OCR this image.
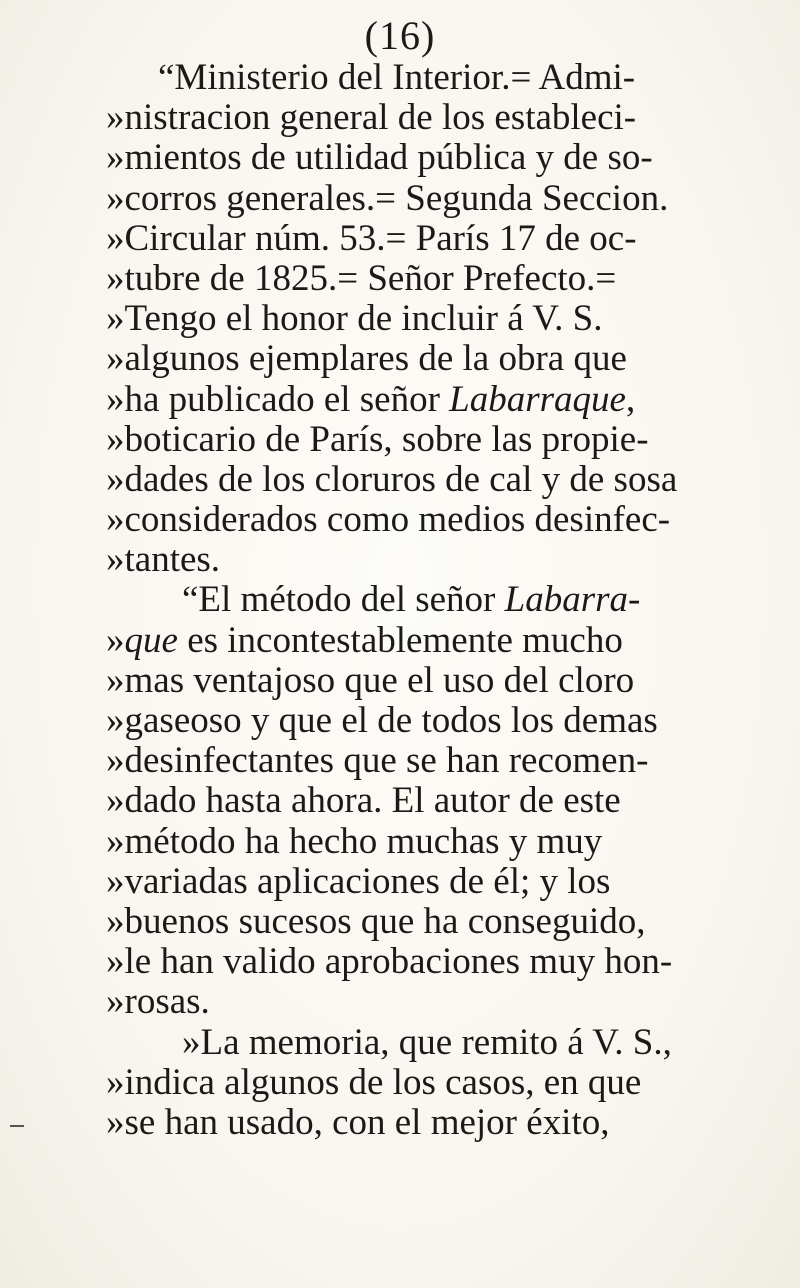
(16)
“Ministerio del Interior.= Admi-
»nistracion general de los estableci-
»mientos de utilidad pública y de so-
»corros generales.= Segunda Seccion.
»Circular núm. 53.= París 17 de oc-
»tubre de 1825.= Señor Prefecto.=
»Tengo el honor de incluir á V. S.
»algunos ejemplares de la obra que
»ha publicado el señor Labarraque,
»boticario de París, sobre las propie-
»dades de los cloruros de cal y de sosa
»considerados como medios desinfec-
»tantes.
“El método del señor Labarra-
»que es incontestablemente mucho
»mas ventajoso que el uso del cloro
»gaseoso y que el de todos los demas
»desinfectantes que se han recomen-
»dado hasta ahora. El autor de este
»método ha hecho muchas y muy
»variadas aplicaciones de él; y los
»buenos sucesos que ha conseguido,
»le han valido aprobaciones muy hon-
»rosas.
»La memoria, que remito á V. S.,
»indica algunos de los casos, en que
»se han usado, con el mejor éxito,
